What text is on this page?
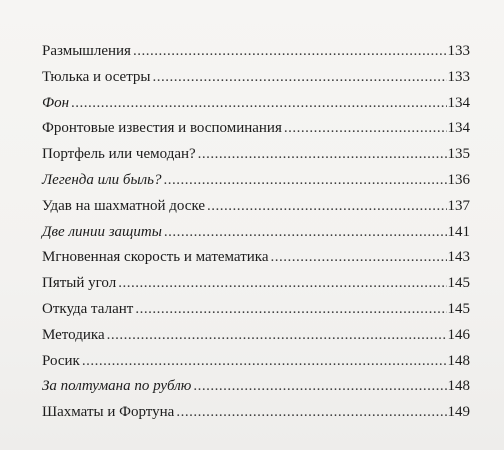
Размышления .....	133
Тюлька и осетры .....	133
Фон .....	134
Фронтовые известия и воспоминания .....	134
Портфель или чемодан? .....	135
Легенда или быль? .....	136
Удав на шахматной доске .....	137
Две линии защиты .....	141
Мгновенная скорость и математика .....	143
Пятый угол .....	145
Откуда талант .....	145
Методика .....	146
Росик .....	148
За полтумана по рублю .....	148
Шахматы и Фортуна .....	149
